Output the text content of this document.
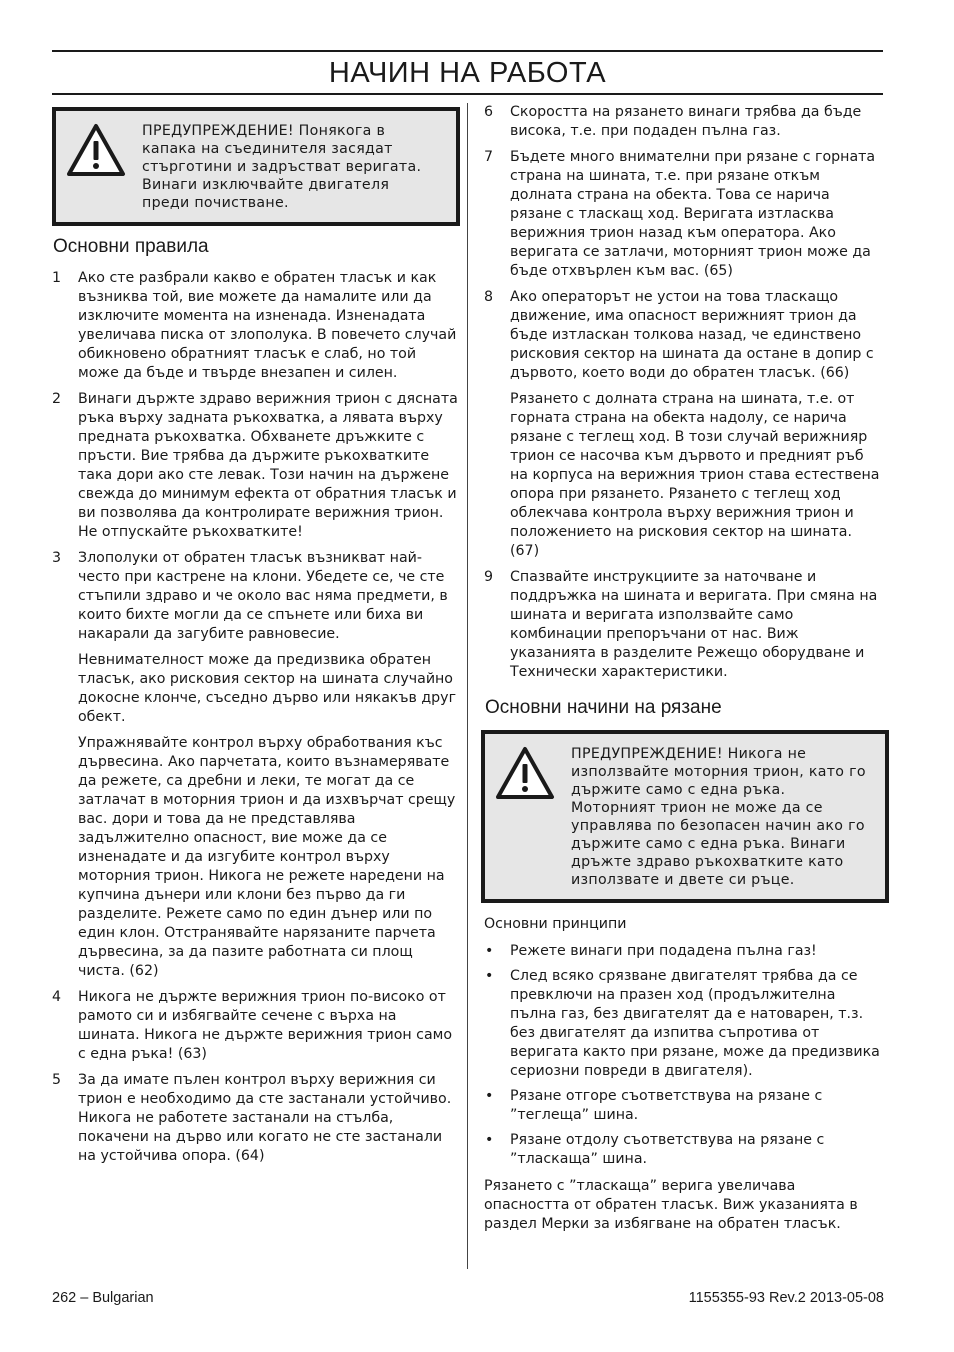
НАЧИН НА РАБОТА
ПРЕДУПРЕЖДЕНИЕ! Понякога в капака на съединителя засядат стърготини и задръстват веригата. Винаги изключвайте двигателя преди почистване.
Основни правила
1 Ако сте разбрали какво е обратен тласък и как възниква той, вие можете да намалите или да изключите момента на изненада. Изненадата увеличава писка от злополука. В повечето случай обикновено обратният тласък е слаб, но той може да бъде и твърде внезапен и силен.

2 Винаги държте здраво верижния трион с дясната ръка върху задната ръкохватка, а лявата върху предната ръкохватка. Обхванете дръжките с пръсти. Вие трябва да държите ръкохватките така дори ако сте левак. Този начин на държене свежда до минимум ефекта от обратния тласък и ви позволява да контролирате верижния трион. Не отпускайте ръкохватките!

3 Злополуки от обратен тласък възникват най-често при кастрене на клони. Убедете се, че сте стъпили здраво и че около вас няма предмети, в които бихте могли да се спънете или биха ви накарали да загубите равновесие.

Невнимателност може да предизвика обратен тласък, ако рисковия сектор на шината случайно докосне клонче, съседно дърво или някакъв друг обект.

Упражнявайте контрол върху обработвания къс дървесина. Ако парчетата, които възнамерявате да режете, са дребни и леки, те могат да се затлачат в моторния трион и да изхвърчат срещу вас. дори и това да не представлява задължително опасност, вие може да се изненадате и да изгубите контрол върху моторния трион. Никога не режете наредени на купчина дънери или клони без първо да ги разделите. Режете само по един дънер или по един клон. Отстранявайте нарязаните парчета дървесина, за да пазите работната си площ чиста. (62)

4 Никога не държте верижния трион по-високо от рамото си и избягвайте сечене с върха на шината. Никога не държте верижния трион само с една ръка! (63)

5 За да имате пълен контрол върху верижния си трион е необходимо да сте застанали устойчиво. Никога не работете застанали на стълба, покачени на дърво или когато не сте застанали на устойчива опора. (64)

6 Скоростта на рязането винаги трябва да бъде висока, т.е. при подаден пълна газ.

7 Бъдете много внимателни при рязане с горната страна на шината, т.е. при рязане откъм долната страна на обекта. Това се нарича рязане с тласкащ ход. Веригата изтласква верижния трион назад към оператора. Ако веригата се затлачи, моторният трион може да бъде отхвърлен към вас. (65)

8 Ако операторът не устои на това тласкащо движение, има опасност верижният трион да бъде изтласкан толкова назад, че единствено рисковия сектор на шината да остане в допир с дървото, което води до обратен тласък. (66)

Рязането с долната страна на шината, т.е. от горната страна на обекта надолу, се нарича рязане с теглещ ход. В този случай верижнияр трион се насочва към дървото и предният ръб на корпуса на верижния трион става естествена опора при рязането. Рязането с теглещ ход облекчава контрола върху верижния трион и положението на рисковия сектор на шината. (67)

9 Спазвайте инструкциите за наточване и поддръжка на шината и веригата. При смяна на шината и веригата използвайте само комбинации препоръчани от нас. Виж указанията в разделите Режещо оборудване и Технически характеристики.

Основни начини на рязане
ПРЕДУПРЕЖДЕНИЕ! Никога не използвайте моторния трион, като го държите само с една ръка. Моторният трион не може да се управлява по безопасен начин ако го държите само с една ръка. Винаги дръжте здраво ръкохватките като използвате и двете си ръце.
Основни принципи
• Режете винаги при подадена пълна газ!
• След всяко срязване двигателят трябва да се превключи на празен ход (продължителна пълна газ, без двигателят да е натоварен, т.з. без двигателят да изпитва съпротива от веригата както при рязане, може да предизвика сериозни повреди в двигателя).
• Рязане отгоре съответствува на рязане с ”теглеща” шина.
• Рязане отдолу съответствува на рязане с ”тласкаща” шина.
Рязането с ”тласкаща” верига увеличава опасността от обратен тласък. Виж указанията в раздел Мерки за избягване на обратен тласък.
262 – Bulgarian	1155355-93 Rev.2 2013-05-08
